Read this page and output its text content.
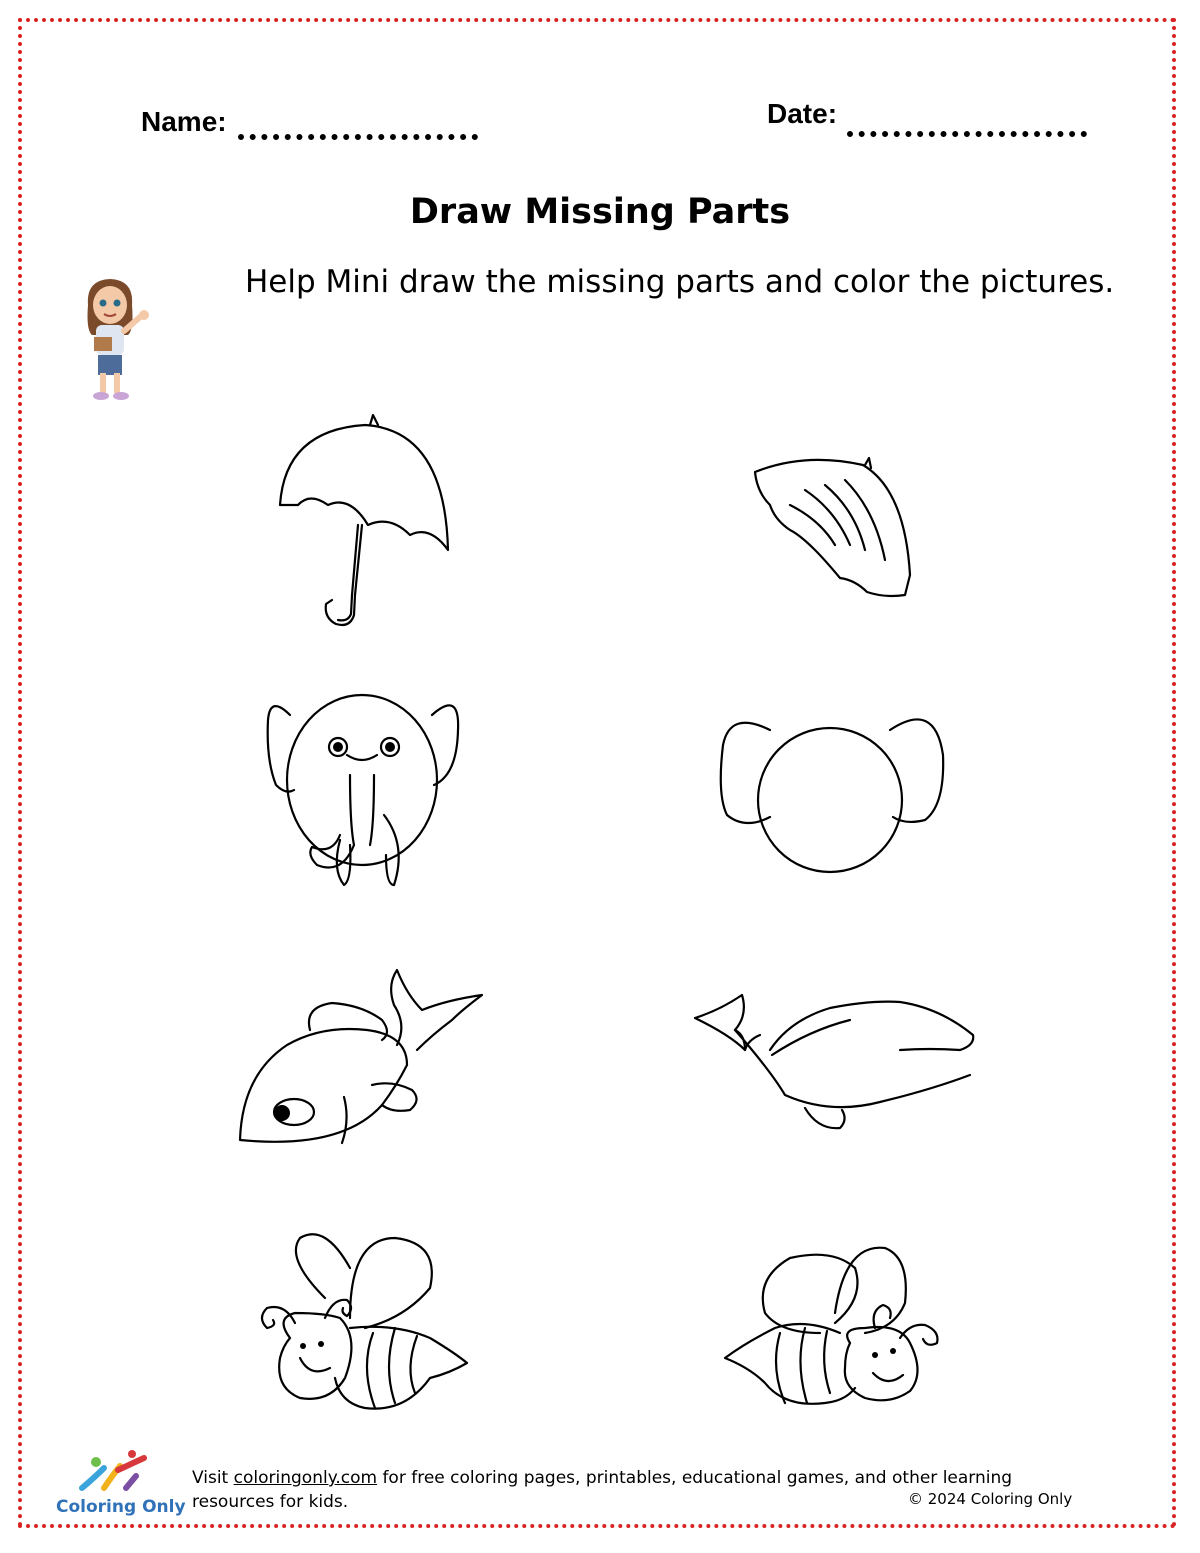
Name:	Date:
Draw Missing Parts
Help Mini draw the missing parts and color the pictures.
Coloring Only
Visit coloringonly.com for free coloring pages, printables, educational games, and other learning resources for kids.	© 2024 Coloring Only
